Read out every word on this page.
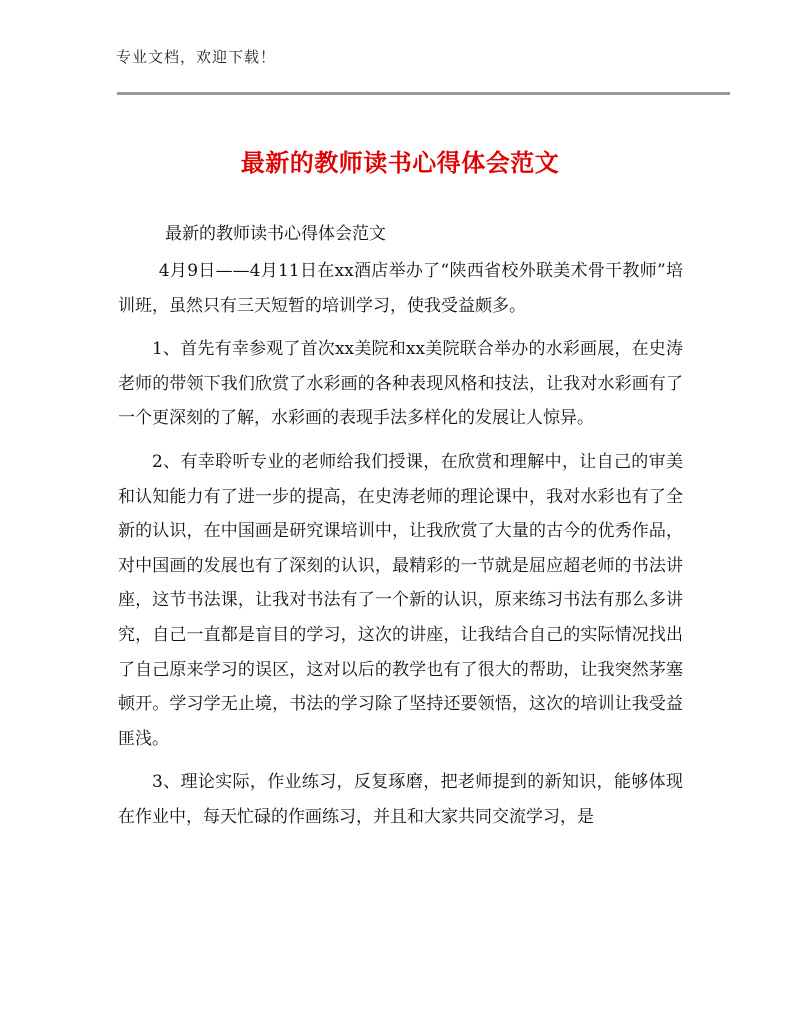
专业文档，欢迎下载！
最新的教师读书心得体会范文
最新的教师读书心得体会范文

4月9日——4月11日在xx酒店举办了“陕西省校外联美术骨干教师”培训班，虽然只有三天短暂的培训学习，使我受益颇多。

1、首先有幸参观了首次xx美院和xx美院联合举办的水彩画展，在史涛老师的带领下我们欣赏了水彩画的各种表现风格和技法，让我对水彩画有了一个更深刻的了解，水彩画的表现手法多样化的发展让人惊异。

2、有幸聆听专业的老师给我们授课，在欣赏和理解中，让自己的审美和认知能力有了进一步的提高，在史涛老师的理论课中，我对水彩也有了全新的认识，在中国画是研究课培训中，让我欣赏了大量的古今的优秀作品，对中国画的发展也有了深刻的认识，最精彩的一节就是屈应超老师的书法讲座，这节书法课，让我对书法有了一个新的认识，原来练习书法有那么多讲究，自己一直都是盲目的学习，这次的讲座，让我结合自己的实际情况找出了自己原来学习的误区，这对以后的教学也有了很大的帮助，让我突然茅塞顿开。学习学无止境，书法的学习除了坚持还要领悟，这次的培训让我受益匪浅。

3、理论实际，作业练习，反复琢磨，把老师提到的新知识，能够体现在作业中，每天忙碌的作画练习，并且和大家共同交流学习，是
